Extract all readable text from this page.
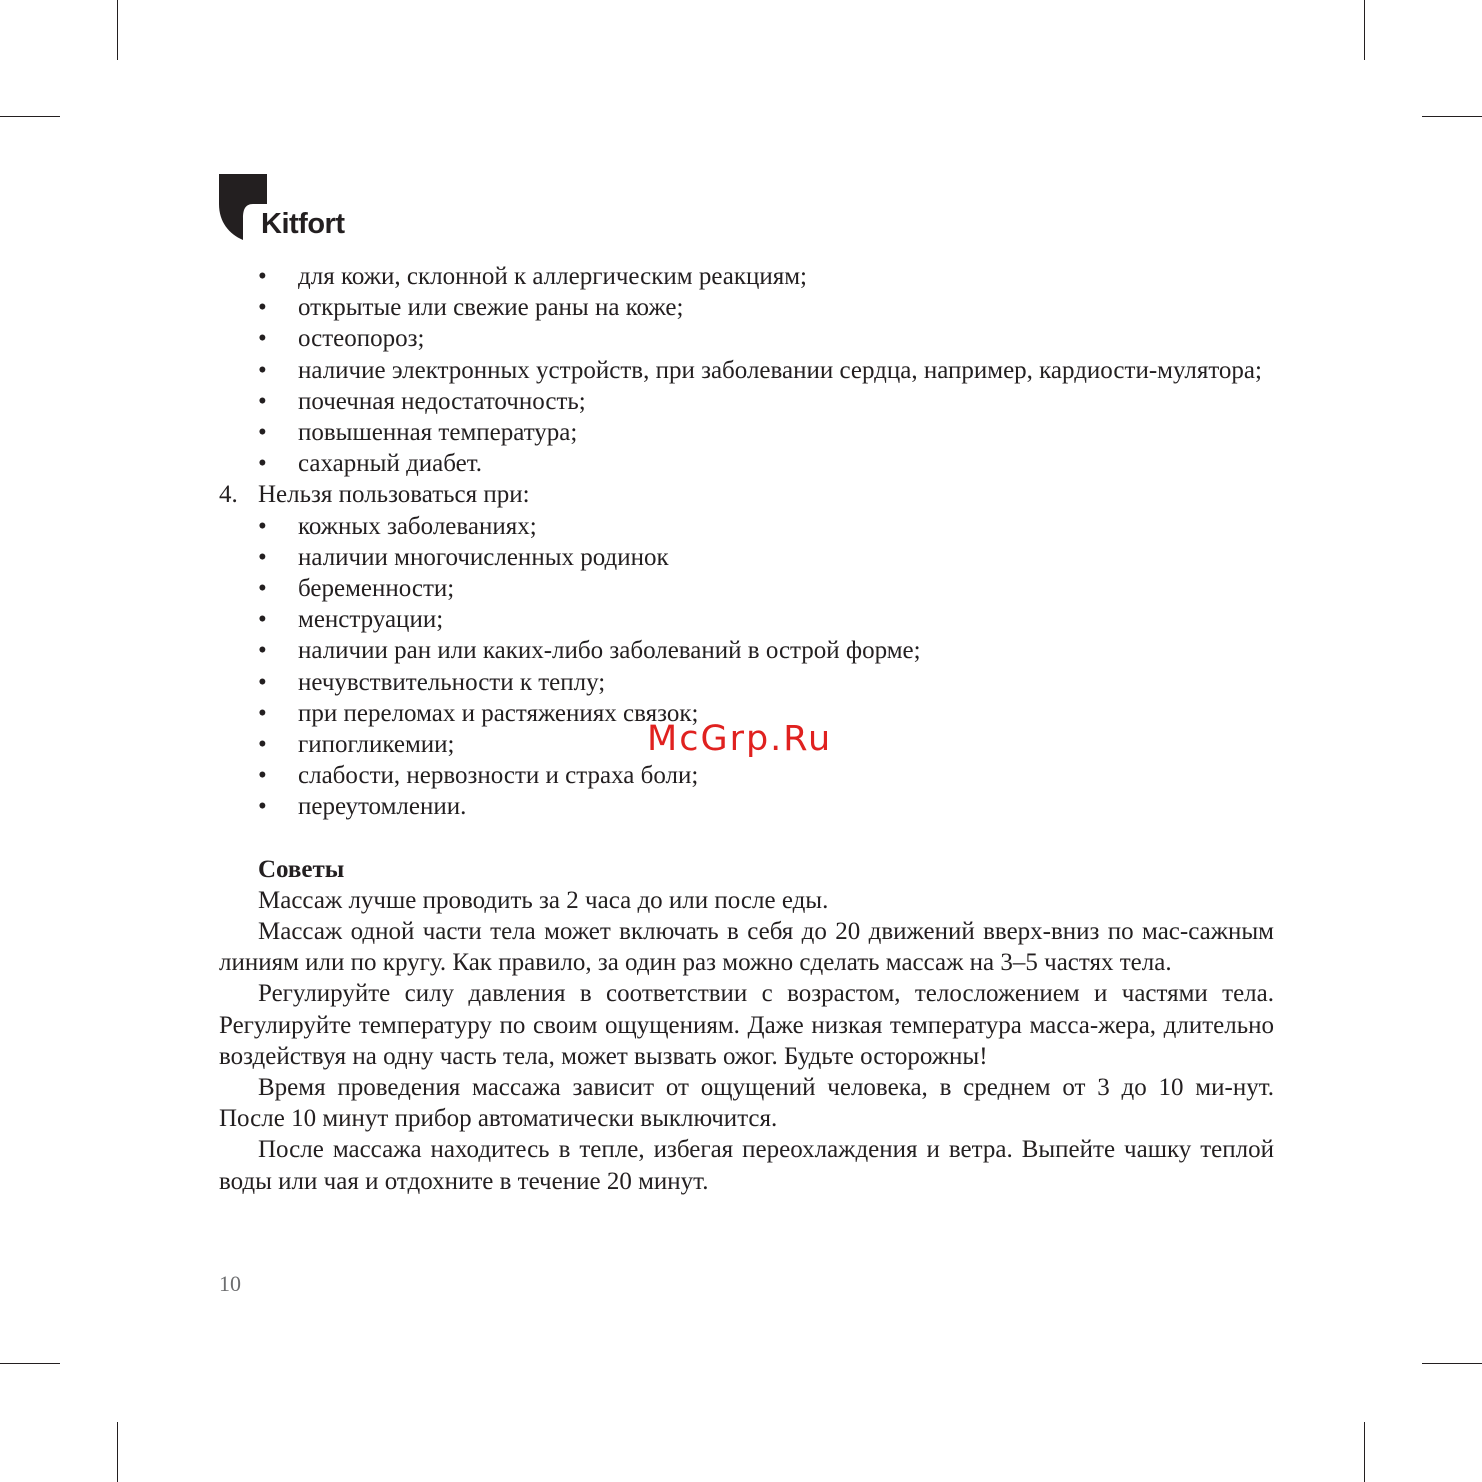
Kitfort
• для кожи, склонной к аллергическим реакциям;
• открытые или свежие раны на коже;
• остеопороз;
• наличие электронных устройств, при заболевании сердца, например, кардиости-мулятора;
• почечная недостаточность;
• повышенная температура;
• сахарный диабет.
4. Нельзя пользоваться при:
• кожных заболеваниях;
• наличии многочисленных родинок
• беременности;
• менструации;
• наличии ран или каких-либо заболеваний в острой форме;
• нечувствительности к теплу;
• при переломах и растяжениях связок;
• гипогликемии;
• слабости, нервозности и страха боли;
• переутомлении.
Советы

Массаж лучше проводить за 2 часа до или после еды.

Массаж одной части тела может включать в себя до 20 движений вверх-вниз по мас-сажным линиям или по кругу. Как правило, за один раз можно сделать массаж на 3–5 частях тела.

Регулируйте силу давления в соответствии с возрастом, телосложением и частями тела. Регулируйте температуру по своим ощущениям. Даже низкая температура масса-жера, длительно воздействуя на одну часть тела, может вызвать ожог. Будьте осторожны!

Время проведения массажа зависит от ощущений человека, в среднем от 3 до 10 ми-нут. После 10 минут прибор автоматически выключится.

После массажа находитесь в тепле, избегая переохлаждения и ветра. Выпейте чашку теплой воды или чая и отдохните в течение 20 минут.

McGrp.Ru
10
